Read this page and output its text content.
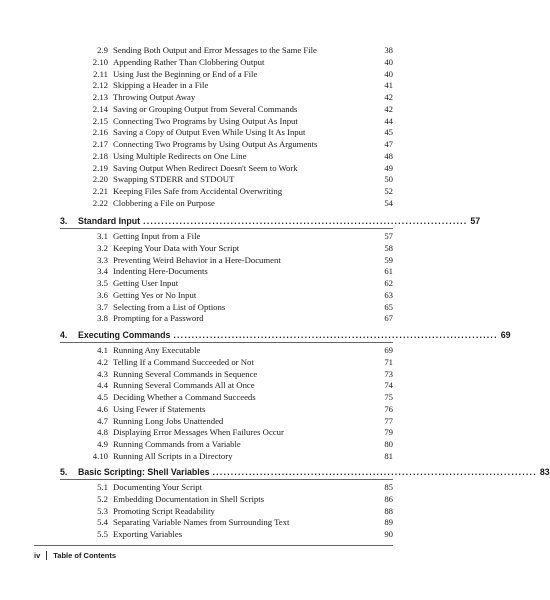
2.9 Sending Both Output and Error Messages to the Same File	38
2.10 Appending Rather Than Clobbering Output	40
2.11 Using Just the Beginning or End of a File	40
2.12 Skipping a Header in a File	41
2.13 Throwing Output Away	42
2.14 Saving or Grouping Output from Several Commands	42
2.15 Connecting Two Programs by Using Output As Input	44
2.16 Saving a Copy of Output Even While Using It As Input	45
2.17 Connecting Two Programs by Using Output As Arguments	47
2.18 Using Multiple Redirects on One Line	48
2.19 Saving Output When Redirect Doesn't Seem to Work	49
2.20 Swapping STDERR and STDOUT	50
2.21 Keeping Files Safe from Accidental Overwriting	52
2.22 Clobbering a File on Purpose	54
3.	Standard Input ......................................................................................... 57
3.1 Getting Input from a File	57
3.2 Keeping Your Data with Your Script	58
3.3 Preventing Weird Behavior in a Here-Document	59
3.4 Indenting Here-Documents	61
3.5 Getting User Input	62
3.6 Getting Yes or No Input	63
3.7 Selecting from a List of Options	65
3.8 Prompting for a Password	67
4.	Executing Commands ......................................................................................... 69
4.1 Running Any Executable	69
4.2 Telling If a Command Succeeded or Not	71
4.3 Running Several Commands in Sequence	73
4.4 Running Several Commands All at Once	74
4.5 Deciding Whether a Command Succeeds	75
4.6 Using Fewer if Statements	76
4.7 Running Long Jobs Unattended	77
4.8 Displaying Error Messages When Failures Occur	79
4.9 Running Commands from a Variable	80
4.10 Running All Scripts in a Directory	81
5.	Basic Scripting: Shell Variables ......................................................................................... 83
5.1 Documenting Your Script	85
5.2 Embedding Documentation in Shell Scripts	86
5.3 Promoting Script Readability	88
5.4 Separating Variable Names from Surrounding Text	89
5.5 Exporting Variables	90
iv Table of Contents
